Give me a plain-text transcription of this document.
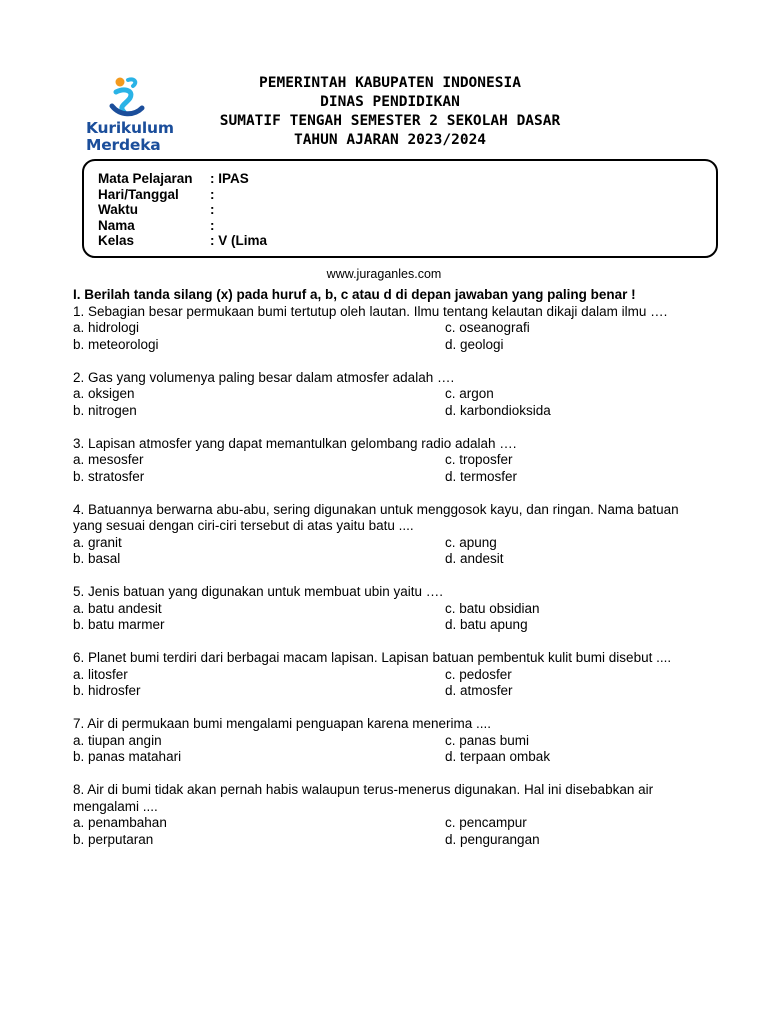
Kurikulum
Merdeka
PEMERINTAH KABUPATEN INDONESIA
DINAS PENDIDIKAN
SUMATIF TENGAH SEMESTER 2 SEKOLAH DASAR
TAHUN AJARAN 2023/2024
Mata Pelajaran	: IPAS
Hari/Tanggal	:
Waktu	:
Nama	:
Kelas	: V (Lima
www.juraganles.com
I. Berilah tanda silang (x) pada huruf a, b, c atau d di depan jawaban yang paling benar !
1. Sebagian besar permukaan bumi tertutup oleh lautan. Ilmu tentang kelautan dikaji dalam ilmu ….
a. hidrologi	c. oseanografi
b. meteorologi	d. geologi
2. Gas yang volumenya paling besar dalam atmosfer adalah ….
a. oksigen	c. argon
b. nitrogen	d. karbondioksida
3. Lapisan atmosfer yang dapat memantulkan gelombang radio adalah ….
a. mesosfer	c. troposfer
b. stratosfer	d. termosfer
4. Batuannya berwarna abu-abu, sering digunakan untuk menggosok kayu, dan ringan. Nama batuan yang sesuai dengan ciri-ciri tersebut di atas yaitu batu ....
a. granit	c. apung
b. basal	d. andesit
5. Jenis batuan yang digunakan untuk membuat ubin yaitu ….
a. batu andesit	c. batu obsidian
b. batu marmer	d. batu apung
6. Planet bumi terdiri dari berbagai macam lapisan. Lapisan batuan pembentuk kulit bumi disebut ....
a. litosfer	c. pedosfer
b. hidrosfer	d. atmosfer
7. Air di permukaan bumi mengalami penguapan karena menerima ....
a. tiupan angin	c. panas bumi
b. panas matahari	d. terpaan ombak
8. Air di bumi tidak akan pernah habis walaupun terus-menerus digunakan. Hal ini disebabkan air mengalami ....
a. penambahan	c. pencampur
b. perputaran	d. pengurangan
